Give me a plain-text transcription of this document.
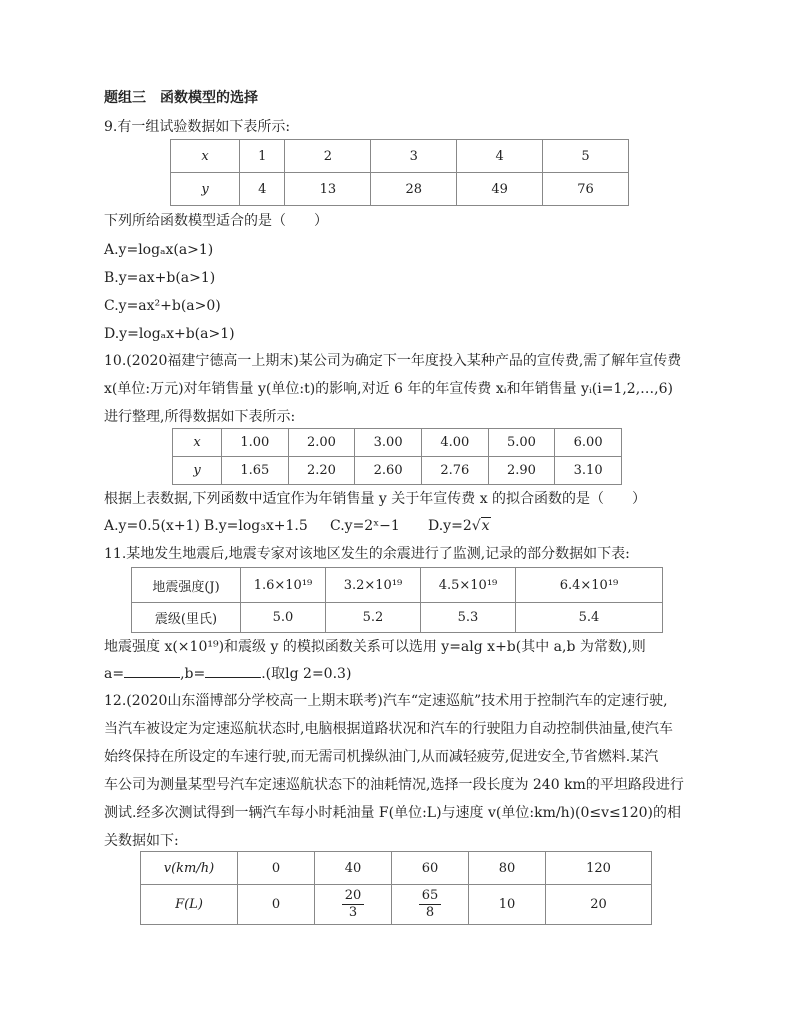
题组三　函数模型的选择
9.有一组试验数据如下表所示:
x	1	2	3	4	5
y	4	13	28	49	76
下列所给函数模型适合的是（　　）
A.y=logₐx(a>1)
B.y=ax+b(a>1)
C.y=ax²+b(a>0)
D.y=logₐx+b(a>1)
10.(2020福建宁德高一上期末)某公司为确定下一年度投入某种产品的宣传费,需了解年宣传费
x(单位:万元)对年销售量 y(单位:t)的影响,对近 6 年的年宣传费 xᵢ和年销售量 yᵢ(i=1,2,…,6)
进行整理,所得数据如下表所示:
x	1.00	2.00	3.00	4.00	5.00	6.00
y	1.65	2.20	2.60	2.76	2.90	3.10
根据上表数据,下列函数中适宜作为年销售量 y 关于年宣传费 x 的拟合函数的是（　　）
A.y=0.5(x+1) B.y=log₃x+1.5 C.y=2ˣ−1 D.y=2√x
11.某地发生地震后,地震专家对该地区发生的余震进行了监测,记录的部分数据如下表:
地震强度(J)	1.6×10¹⁹	3.2×10¹⁹	4.5×10¹⁹	6.4×10¹⁹
震级(里氏)	5.0	5.2	5.3	5.4
地震强度 x(×10¹⁹)和震级 y 的模拟函数关系可以选用 y=alg x+b(其中 a,b 为常数),则
a=	,b=	.(取lg 2=0.3)
12.(2020山东淄博部分学校高一上期末联考)汽车“定速巡航”技术用于控制汽车的定速行驶,
当汽车被设定为定速巡航状态时,电脑根据道路状况和汽车的行驶阻力自动控制供油量,使汽车
始终保持在所设定的车速行驶,而无需司机操纵油门,从而减轻疲劳,促进安全,节省燃料.某汽
车公司为测量某型号汽车定速巡航状态下的油耗情况,选择一段长度为 240 km的平坦路段进行
测试.经多次测试得到一辆汽车每小时耗油量 F(单位:L)与速度 v(单位:km/h)(0≤v≤120)的相
关数据如下:
v(km/h)	0	40	60	80	120
F(L)	0	$\frac{20}{3}$	$\frac{65}{8}$	10	20
